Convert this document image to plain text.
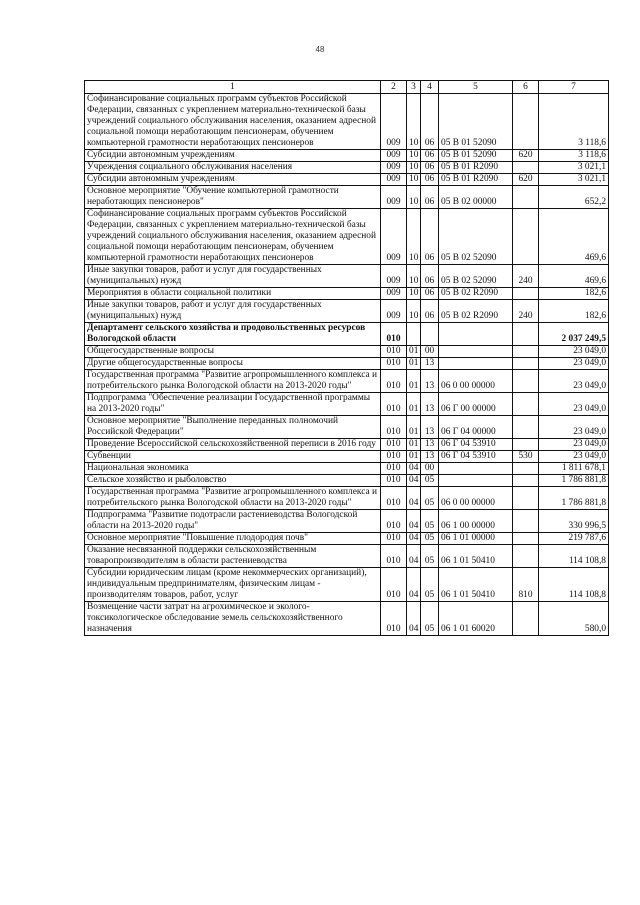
48
1	2	3	4	5	6	7
Софинансирование социальных программ субъектов Российской Федерации, связанных с укреплением материально-технической базы учреждений социального обслуживания населения, оказанием адресной социальной помощи неработающим пенсионерам, обучением компьютерной грамотности неработающих пенсионеров	009	10	06	05 В 01 52090		3 118,6
Субсидии автономным учреждениям	009	10	06	05 В 01 52090	620	3 118,6
Учреждения социального обслуживания населения	009	10	06	05 В 01 R2090		3 021,1
Субсидии автономным учреждениям	009	10	06	05 В 01 R2090	620	3 021,1
Основное мероприятие "Обучение компьютерной грамотности неработающих пенсионеров"	009	10	06	05 В 02 00000		652,2
Софинансирование социальных программ субъектов Российской Федерации, связанных с укреплением материально-технической базы учреждений социального обслуживания населения, оказанием адресной социальной помощи неработающим пенсионерам, обучением компьютерной грамотности неработающих пенсионеров	009	10	06	05 В 02 52090		469,6
Иные закупки товаров, работ и услуг для государственных (муниципальных) нужд	009	10	06	05 В 02 52090	240	469,6
Мероприятия в области социальной политики	009	10	06	05 В 02 R2090		182,6
Иные закупки товаров, работ и услуг для государственных (муниципальных) нужд	009	10	06	05 В 02 R2090	240	182,6
Департамент сельского хозяйства и продовольственных ресурсов Вологодской области	010					2 037 249,5
Общегосударственные вопросы	010	01	00			23 049,0
Другие общегосударственные вопросы	010	01	13			23 049,0
Государственная программа "Развитие агропромышленного комплекса и потребительского рынка Вологодской области на 2013-2020 годы"	010	01	13	06 0 00 00000		23 049,0
Подпрограмма "Обеспечение реализации Государственной программы на 2013-2020 годы"	010	01	13	06 Г 00 00000		23 049,0
Основное мероприятие "Выполнение переданных полномочий Российской Федерации"	010	01	13	06 Г 04 00000		23 049,0
Проведение Всероссийской сельскохозяйственной переписи в 2016 году	010	01	13	06 Г 04 53910		23 049,0
Субвенции	010	01	13	06 Г 04 53910	530	23 049,0
Национальная экономика	010	04	00			1 811 678,1
Сельское хозяйство и рыболовство	010	04	05			1 786 881,8
Государственная программа "Развитие агропромышленного комплекса и потребительского рынка Вологодской области на 2013-2020 годы"	010	04	05	06 0 00 00000		1 786 881,8
Подпрограмма "Развитие подотрасли растениеводства Вологодской области на 2013-2020 годы"	010	04	05	06 1 00 00000		330 996,5
Основное мероприятие "Повышение плодородия почв"	010	04	05	06 1 01 00000		219 787,6
Оказание несвязанной поддержки сельскохозяйственным товаропроизводителям в области растениеводства	010	04	05	06 1 01 50410		114 108,8
Субсидии юридическим лицам (кроме некоммерческих организаций), индивидуальным предпринимателям, физическим лицам - производителям товаров, работ, услуг	010	04	05	06 1 01 50410	810	114 108,8
Возмещение части затрат на агрохимическое и эколого-токсикологическое обследование земель сельскохозяйственного назначения	010	04	05	06 1 01 60020		580,0
